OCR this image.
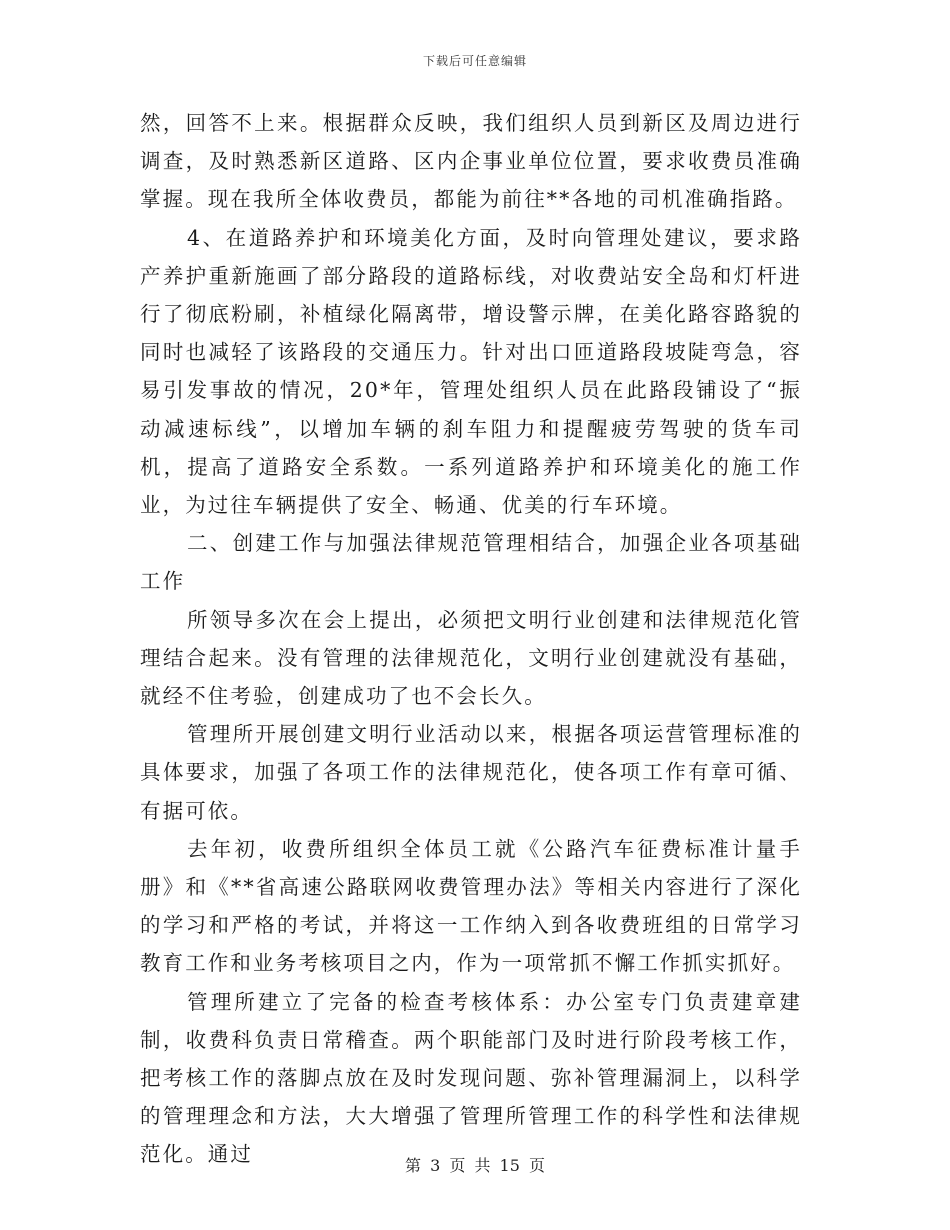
下载后可任意编辑

然，回答不上来。根据群众反映，我们组织人员到新区及周边进行调查，及时熟悉新区道路、区内企事业单位位置，要求收费员准确掌握。现在我所全体收费员，都能为前往**各地的司机准确指路。

4、在道路养护和环境美化方面，及时向管理处建议，要求路产养护重新施画了部分路段的道路标线，对收费站安全岛和灯杆进行了彻底粉刷，补植绿化隔离带，增设警示牌，在美化路容路貌的同时也减轻了该路段的交通压力。针对出口匝道路段坡陡弯急，容易引发事故的情况，20*年，管理处组织人员在此路段铺设了“振动减速标线”，以增加车辆的刹车阻力和提醒疲劳驾驶的货车司机，提高了道路安全系数。一系列道路养护和环境美化的施工作业，为过往车辆提供了安全、畅通、优美的行车环境。

二、创建工作与加强法律规范管理相结合，加强企业各项基础工作

所领导多次在会上提出，必须把文明行业创建和法律规范化管理结合起来。没有管理的法律规范化，文明行业创建就没有基础，就经不住考验，创建成功了也不会长久。

管理所开展创建文明行业活动以来，根据各项运营管理标准的具体要求，加强了各项工作的法律规范化，使各项工作有章可循、有据可依。

去年初，收费所组织全体员工就《公路汽车征费标准计量手册》和《**省高速公路联网收费管理办法》等相关内容进行了深化的学习和严格的考试，并将这一工作纳入到各收费班组的日常学习教育工作和业务考核项目之内，作为一项常抓不懈工作抓实抓好。

管理所建立了完备的检查考核体系：办公室专门负责建章建制，收费科负责日常稽查。两个职能部门及时进行阶段考核工作，把考核工作的落脚点放在及时发现问题、弥补管理漏洞上，以科学的管理理念和方法，大大增强了管理所管理工作的科学性和法律规范化。通过	第 3 页 共 15 页
